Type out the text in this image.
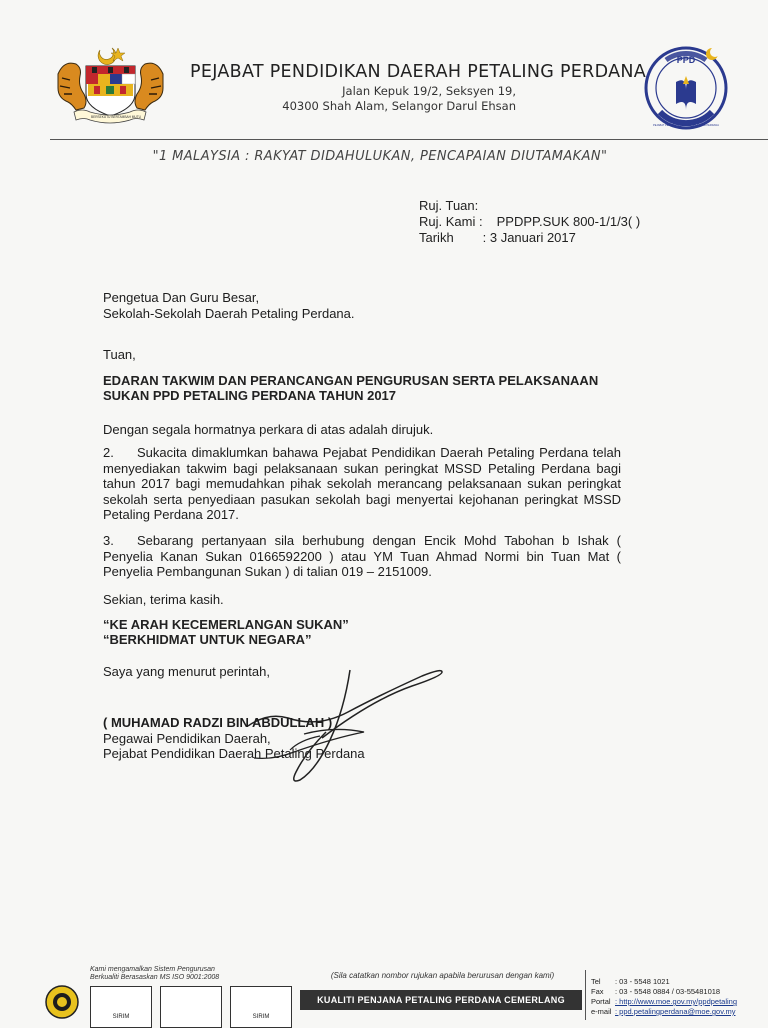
BERSEKUTU BERTAMBAH MUTU
PEJABAT PENDIDIKAN DAERAH PETALING PERDANA
Jalan Kepuk 19/2, Seksyen 19,
40300 Shah Alam, Selangor Darul Ehsan
PPD
PEJABAT PENDIDIKAN DAERAH PETALING PERDANA
"1 MALAYSIA : RAKYAT DIDAHULUKAN, PENCAPAIAN DIUTAMAKAN"
Ruj. Tuan:
Ruj. Kami : PPDPP.SUK 800-1/1/3( )
Tarikh : 3 Januari 2017
Pengetua Dan Guru Besar,
Sekolah-Sekolah Daerah Petaling Perdana.
Tuan,
EDARAN TAKWIM DAN PERANCANGAN PENGURUSAN SERTA PELAKSANAAN
SUKAN PPD PETALING PERDANA TAHUN 2017
Dengan segala hormatnya perkara di atas adalah dirujuk.
2. Sukacita dimaklumkan bahawa Pejabat Pendidikan Daerah Petaling Perdana telah menyediakan takwim bagi pelaksanaan sukan peringkat MSSD Petaling Perdana bagi tahun 2017 bagi memudahkan pihak sekolah merancang pelaksanaan sukan peringkat sekolah serta penyediaan pasukan sekolah bagi menyertai kejohanan peringkat MSSD Petaling Perdana 2017.
3. Sebarang pertanyaan sila berhubung dengan Encik Mohd Tabohan b Ishak ( Penyelia Kanan Sukan 0166592200 ) atau YM Tuan Ahmad Normi bin Tuan Mat ( Penyelia Pembangunan Sukan ) di talian 019 – 2151009.
Sekian, terima kasih.
“KE ARAH KECEMERLANGAN SUKAN”
“BERKHIDMAT UNTUK NEGARA”
Saya yang menurut perintah,
( MUHAMAD RADZI BIN ABDULLAH )
Pegawai Pendidikan Daerah,
Pejabat Pendidikan Daerah Petaling Perdana
Kami mengamalkan Sistem Pengurusan
Berkualiti Berasaskan MS ISO 9001:2008
SIRIM	SIRIM
(Sila catatkan nombor rujukan apabila berurusan dengan kami)
KUALITI PENJANA PETALING PERDANA CEMERLANG
Tel : 03 - 5548 1021
Fax : 03 - 5548 0884 / 03-55481018
Portal : http://www.moe.gov.my/ppdpetaling
e-mail : ppd.petalingperdana@moe.gov.my
